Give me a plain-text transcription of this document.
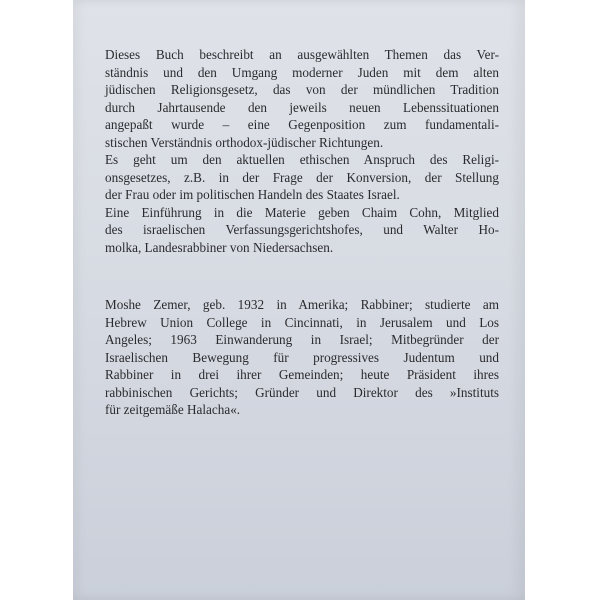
Dieses Buch beschreibt an ausgewählten Themen das Ver-
ständnis und den Umgang moderner Juden mit dem alten
jüdischen Religionsgesetz, das von der mündlichen Tradition
durch Jahrtausende den jeweils neuen Lebenssituationen
angepaßt wurde – eine Gegenposition zum fundamentali-
stischen Verständnis orthodox-jüdischer Richtungen.
Es geht um den aktuellen ethischen Anspruch des Religi-
onsgesetzes, z.B. in der Frage der Konversion, der Stellung
der Frau oder im politischen Handeln des Staates Israel.
Eine Einführung in die Materie geben Chaim Cohn, Mitglied
des israelischen Verfassungsgerichtshofes, und Walter Ho-
molka, Landesrabbiner von Niedersachsen.
Moshe Zemer, geb. 1932 in Amerika; Rabbiner; studierte am
Hebrew Union College in Cincinnati, in Jerusalem und Los
Angeles; 1963 Einwanderung in Israel; Mitbegründer der
Israelischen Bewegung für progressives Judentum und
Rabbiner in drei ihrer Gemeinden; heute Präsident ihres
rabbinischen Gerichts; Gründer und Direktor des »Instituts
für zeitgemäße Halacha«.
